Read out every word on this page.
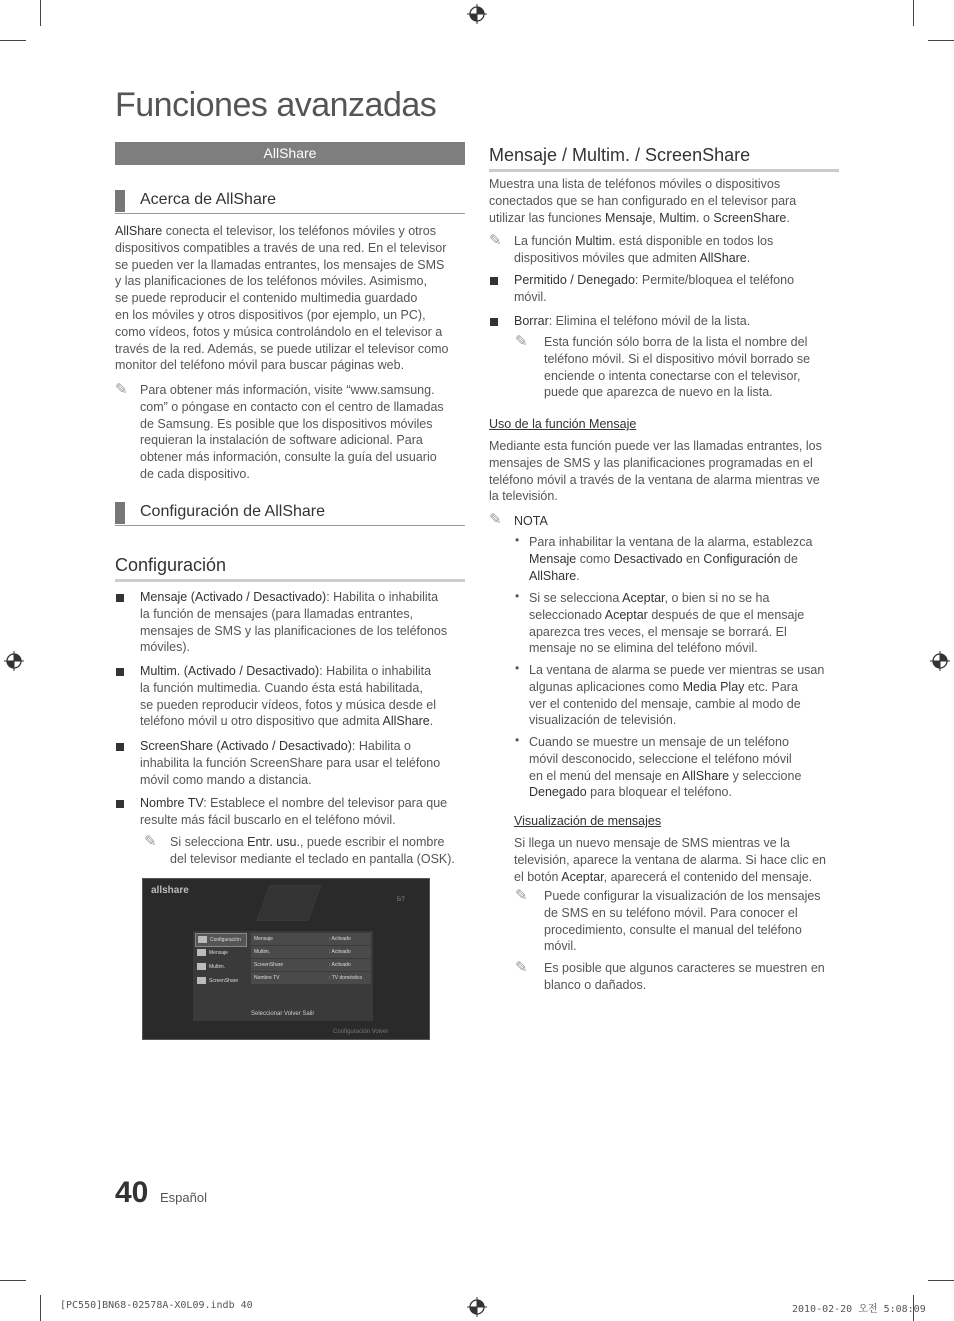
Funciones avanzadas
AllShare
Acerca de AllShare
AllShare conecta el televisor, los teléfonos móviles y otros
dispositivos compatibles a través de una red. En el televisor
se pueden ver la llamadas entrantes, los mensajes de SMS
y las planificaciones de los teléfonos móviles. Asimismo,
se puede reproducir el contenido multimedia guardado
en los móviles y otros dispositivos (por ejemplo, un PC),
como vídeos, fotos y música controlándolo en el televisor a
través de la red. Además, se puede utilizar el televisor como
monitor del teléfono móvil para buscar páginas web.
✎ Para obtener más información, visite “www.samsung.
com” o póngase en contacto con el centro de llamadas
de Samsung. Es posible que los dispositivos móviles
requieran la instalación de software adicional. Para
obtener más información, consulte la guía del usuario
de cada dispositivo.
Configuración de AllShare
Configuración
Mensaje (Activado / Desactivado): Habilita o inhabilita
la función de mensajes (para llamadas entrantes,
mensajes de SMS y las planificaciones de los teléfonos
móviles).
Multim. (Activado / Desactivado): Habilita o inhabilita
la función multimedia. Cuando ésta está habilitada,
se pueden reproducir vídeos, fotos y música desde el
teléfono móvil u otro dispositivo que admita AllShare.
ScreenShare (Activado / Desactivado): Habilita o
inhabilita la función ScreenShare para usar el teléfono
móvil como mando a distancia.
Nombre TV: Establece el nombre del televisor para que
resulte más fácil buscarlo en el teléfono móvil.
✎ Si selecciona Entr. usu., puede escribir el nombre
del televisor mediante el teclado en pantalla (OSK).
allshare
5/7
Configuración
Mensaje
Multim.
ScreenShare
Mensaje	: Activado
Multim.	: Activado
ScreenShare	: Activado
Nombre TV	: TV doméstico
Seleccionar Volver Salir
Configuración Volver
Mensaje / Multim. / ScreenShare
Muestra una lista de teléfonos móviles o dispositivos
conectados que se han configurado en el televisor para
utilizar las funciones Mensaje, Multim. o ScreenShare.
✎ La función Multim. está disponible en todos los
dispositivos móviles que admiten AllShare.
Permitido / Denegado: Permite/bloquea el teléfono
móvil.
Borrar: Elimina el teléfono móvil de la lista.
✎ Esta función sólo borra de la lista el nombre del
teléfono móvil. Si el dispositivo móvil borrado se
enciende o intenta conectarse con el televisor,
puede que aparezca de nuevo en la lista.
Uso de la función Mensaje
Mediante esta función puede ver las llamadas entrantes, los
mensajes de SMS y las planificaciones programadas en el
teléfono móvil a través de la ventana de alarma mientras ve
la televisión.
✎ NOTA
• Para inhabilitar la ventana de la alarma, establezca
Mensaje como Desactivado en Configuración de
AllShare.
• Si se selecciona Aceptar, o bien si no se ha
seleccionado Aceptar después de que el mensaje
aparezca tres veces, el mensaje se borrará. El
mensaje no se elimina del teléfono móvil.
• La ventana de alarma se puede ver mientras se usan
algunas aplicaciones como Media Play etc. Para
ver el contenido del mensaje, cambie al modo de
visualización de televisión.
• Cuando se muestre un mensaje de un teléfono
móvil desconocido, seleccione el teléfono móvil
en el menú del mensaje en AllShare y seleccione
Denegado para bloquear el teléfono.
Visualización de mensajes
Si llega un nuevo mensaje de SMS mientras ve la
televisión, aparece la ventana de alarma. Si hace clic en
el botón Aceptar, aparecerá el contenido del mensaje.
✎ Puede configurar la visualización de los mensajes
de SMS en su teléfono móvil. Para conocer el
procedimiento, consulte el manual del teléfono
móvil.
✎ Es posible que algunos caracteres se muestren en
blanco o dañados.
40 Español
[PC550]BN68-02578A-X0L09.indb 40	2010-02-20 오전 5:08:09
